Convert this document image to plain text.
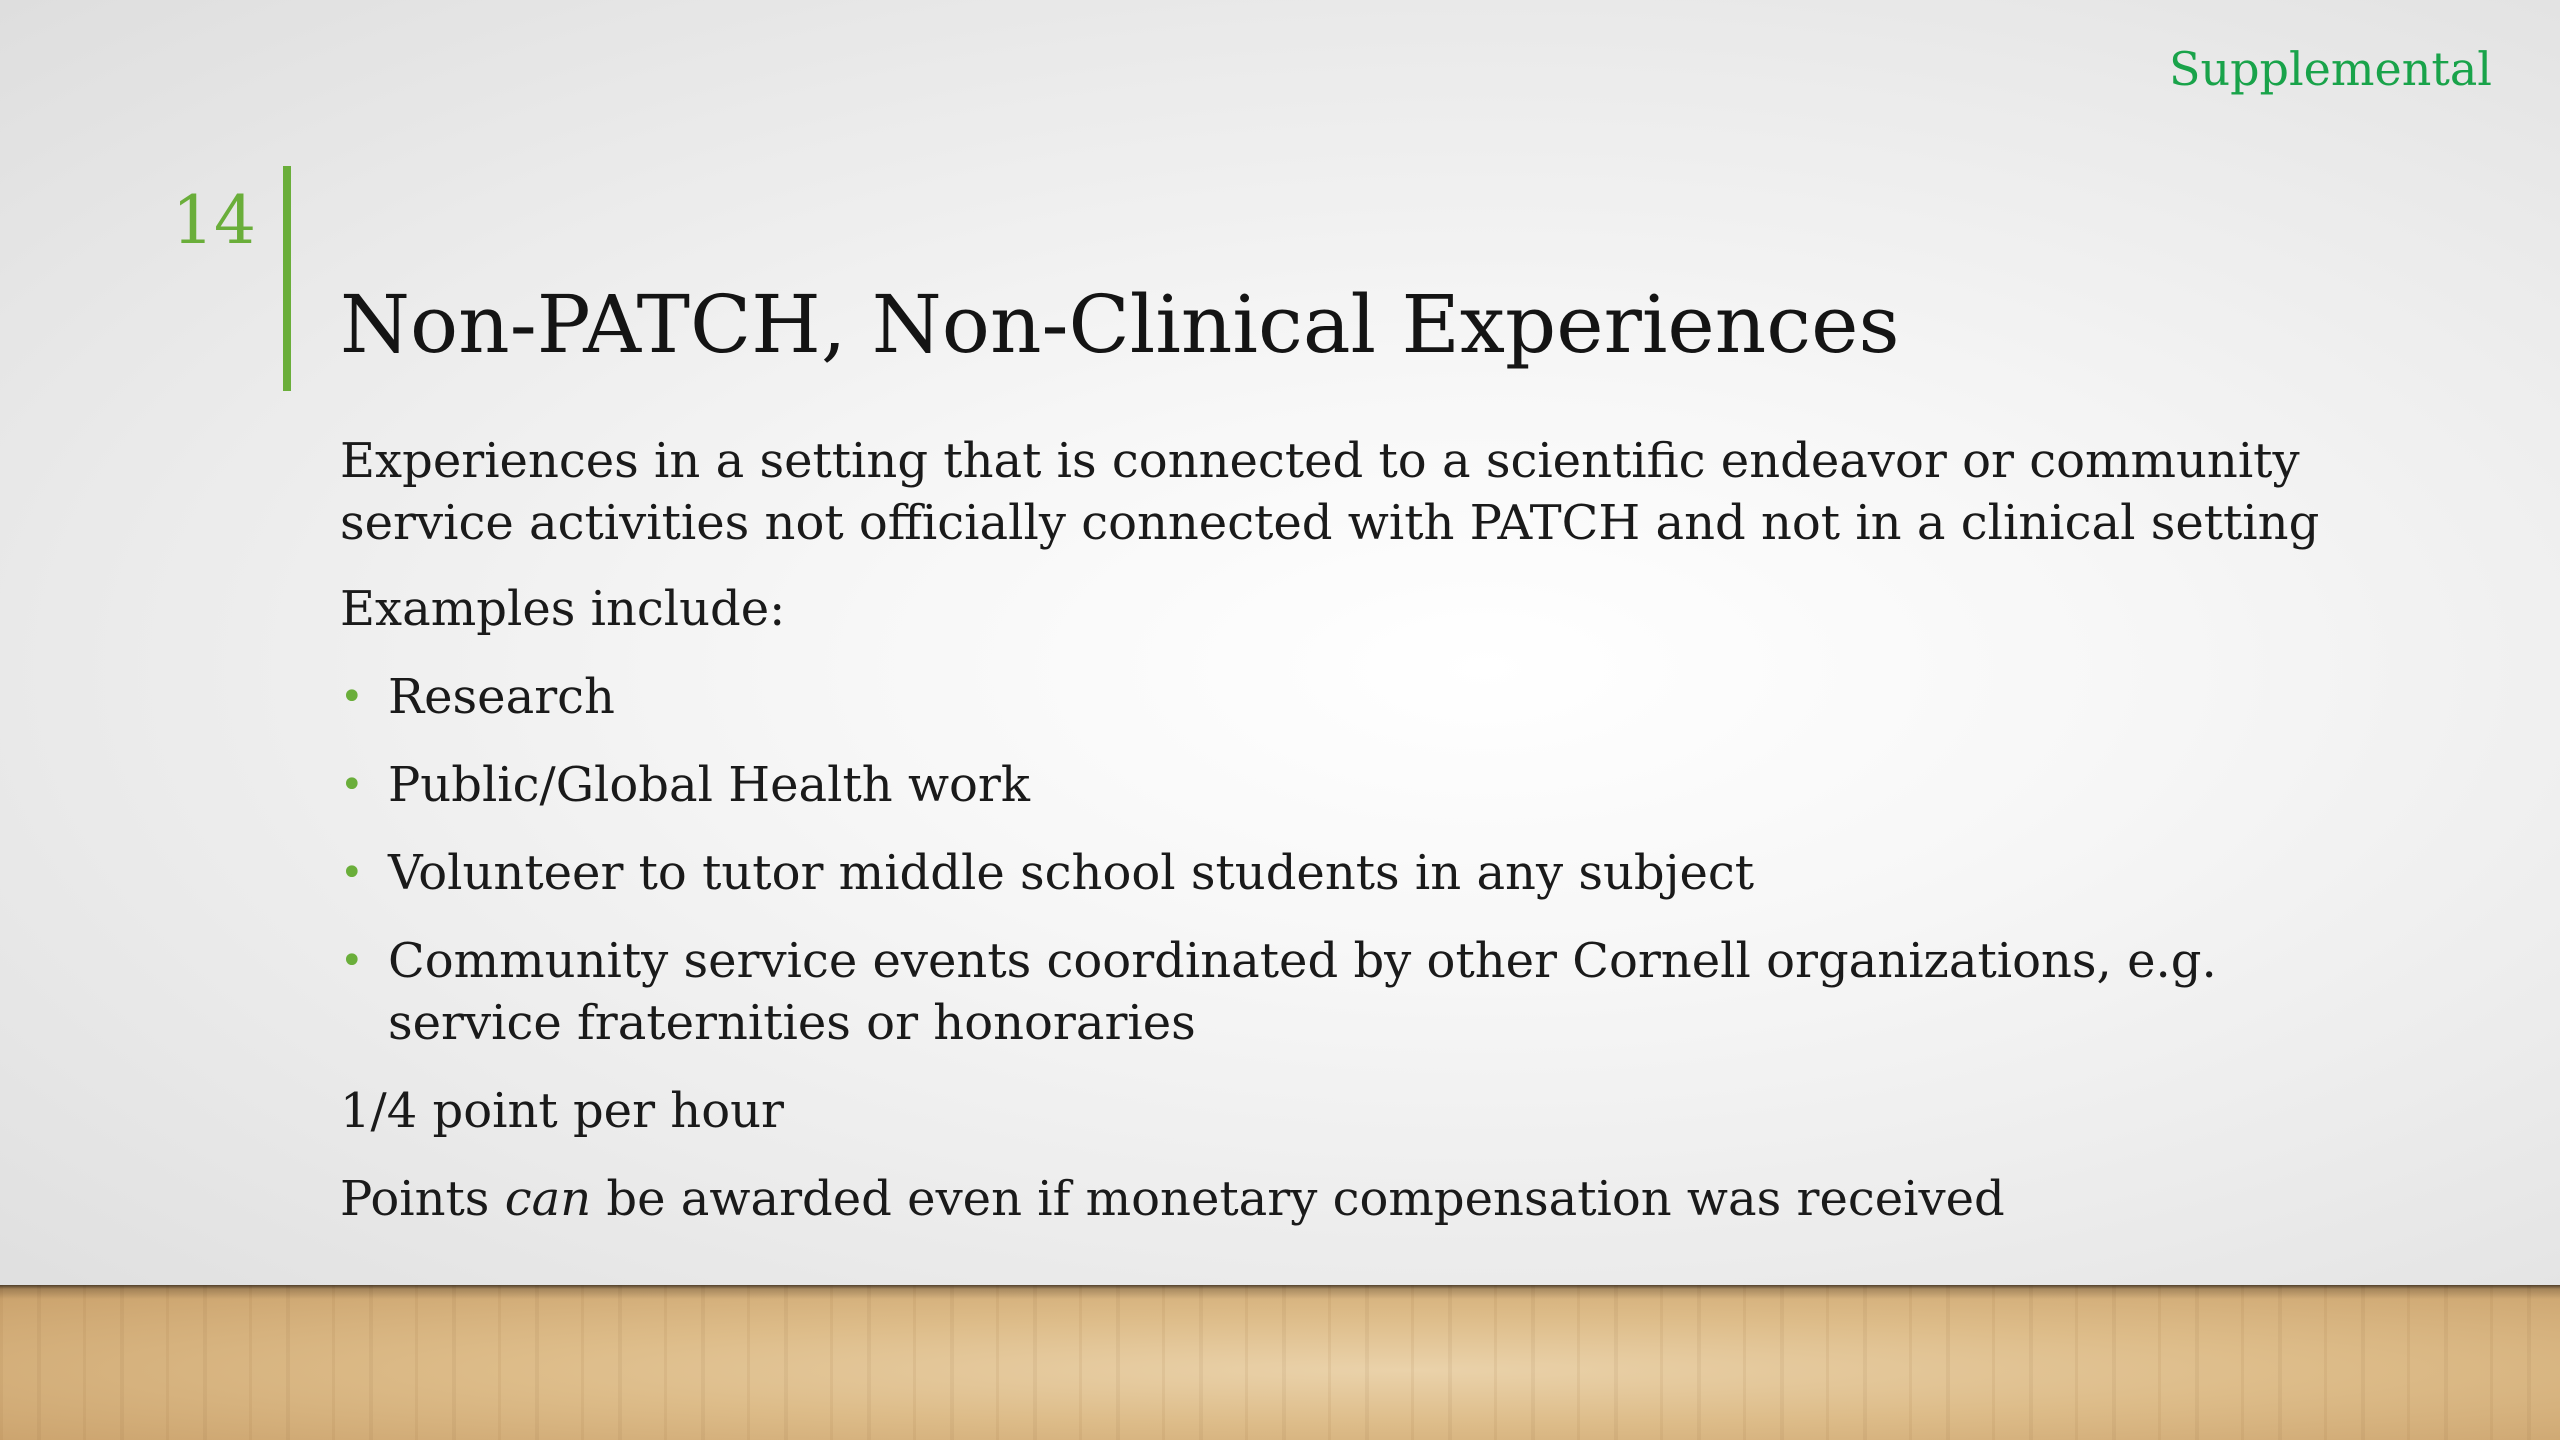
Supplemental
14
Non-PATCH, Non-Clinical Experiences

Experiences in a setting that is connected to a scientific endeavor or community service activities not officially connected with PATCH and not in a clinical setting

Examples include:

• Research
• Public/Global Health work
• Volunteer to tutor middle school students in any subject
• Community service events coordinated by other Cornell organizations, e.g. service fraternities or honoraries

1/4 point per hour

Points can be awarded even if monetary compensation was received
